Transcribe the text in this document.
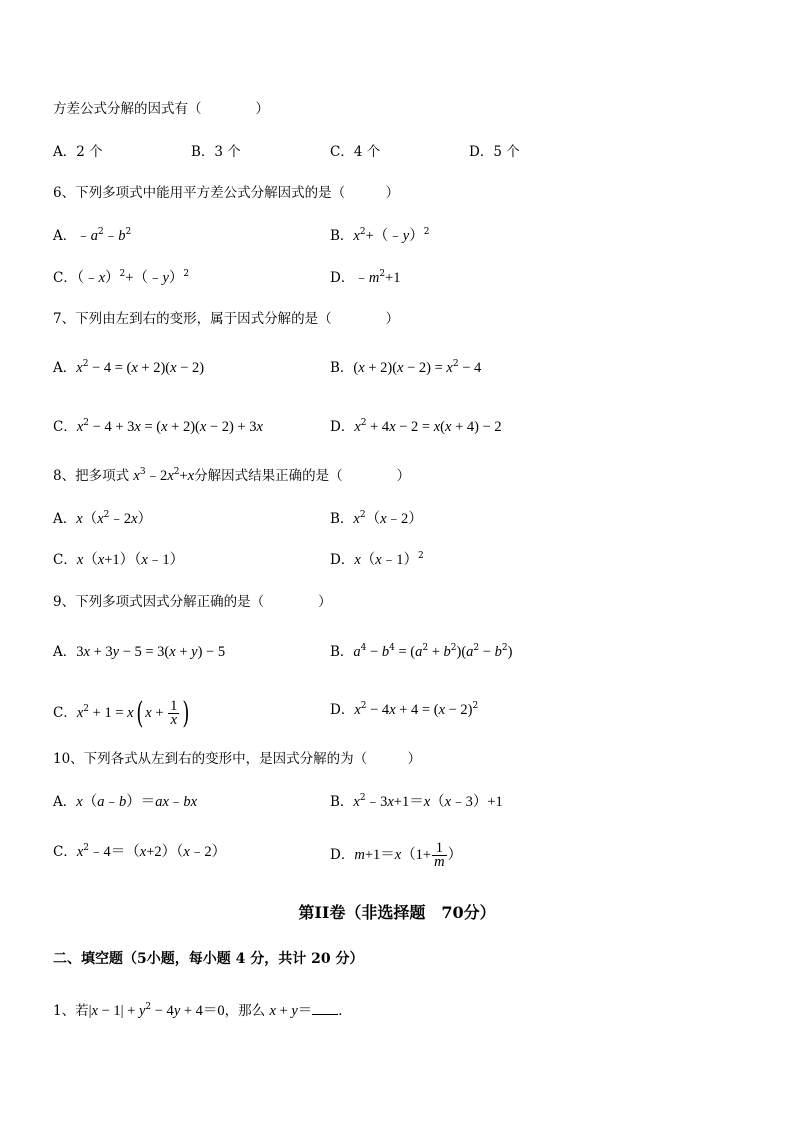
方差公式分解的因式有（　　　　）
A．2 个	B．3 个	C．4 个	D．5 个
6、下列多项式中能用平方差公式分解因式的是（　　　）
A．$﹣a^2﹣b^2$	B．$x^2+(﹣y)^2$
C．（﹣x）$^2$+（﹣y）$^2$	D．$﹣m^2+1$
7、下列由左到右的变形，属于因式分解的是（　　　　）
A．$x^2 - 4 = (x + 2)(x - 2)$	B．$(x + 2)(x - 2) = x^2 - 4$
C．$x^2 - 4 + 3x = (x + 2)(x - 2) + 3x$	D．$x^2 + 4x - 2 = x(x + 4) - 2$
8、把多项式 $x^3﹣2x^2+x$分解因式结果正确的是（　　　　）
A．$x(x^2﹣2x)$	B．$x^2(x﹣2)$
C．x（x+1）（x﹣1）	D．x（x﹣1）$^2$
9、下列多项式因式分解正确的是（　　　　）
A．3x + 3y − 5 = 3(x + y) − 5	B．$a^4 - b^4 = (a^2 + b^2)(a^2 - b^2)$
C．$x^2 + 1 = x$( $x + \frac{1}{x}$ )	D．$x^2 - 4x + 4 = (x - 2)^2$
10、下列各式从左到右的变形中，是因式分解的为（　　　）
A．x（a﹣b）＝ax﹣bx	B．$x^2﹣3x+1=x(x﹣3)+1$
C．$x^2﹣4=(x+2)(x﹣2)$	D．$m+1=x(1+ \frac{1}{m}$ ）
第II卷（非选择题　70分）
二、填空题（5小题，每小题 4 分，共计 20 分）
1、若$|x - 1| + y^2 - 4y + 4=0$，那么 x + y＝ ．
